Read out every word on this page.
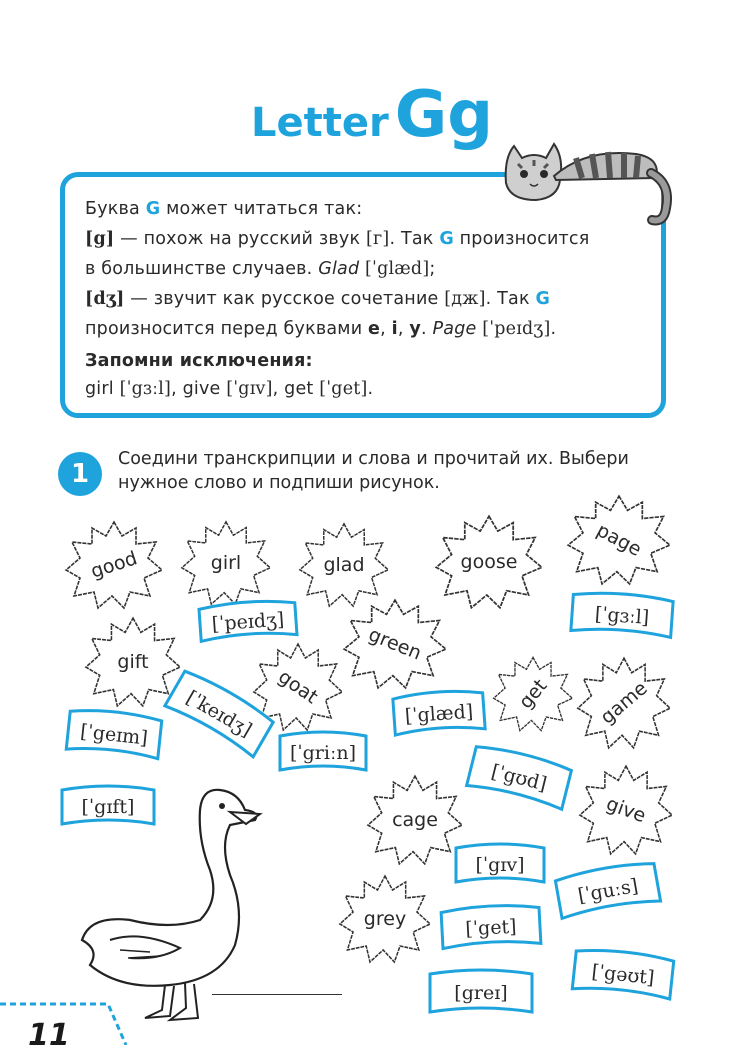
LetterGg
Буква G может читаться так:
[g] — похож на русский звук [г]. Так G произносится
в большинстве случаев. Glad [ˈglæd];
[dʒ] — звучит как русское сочетание [дж]. Так G
произносится перед буквами e, i, y. Page [ˈpeɪdʒ].
Запомни исключения:
girl [ˈgɜːl], give [ˈgɪv], get [ˈget].
1	Соедини транскрипции и слова и прочитай их. Выбери нужное слово и подпиши рисунок.
good	girl	glad	goose
page
gift	green
goat	get	game
cage	give
grey
[ˈpeɪdʒ]	[ˈgɜːl]
[ˈgeɪm]	[ˈkeɪdʒ]
[ˈgriːn]
[ˈglæd]
[ˈgɪft]
[ˈgʊd]
[ˈgɪv]
[ˈguːs]
[ˈget]
[ˈgəʊt]
[greɪ]
11
